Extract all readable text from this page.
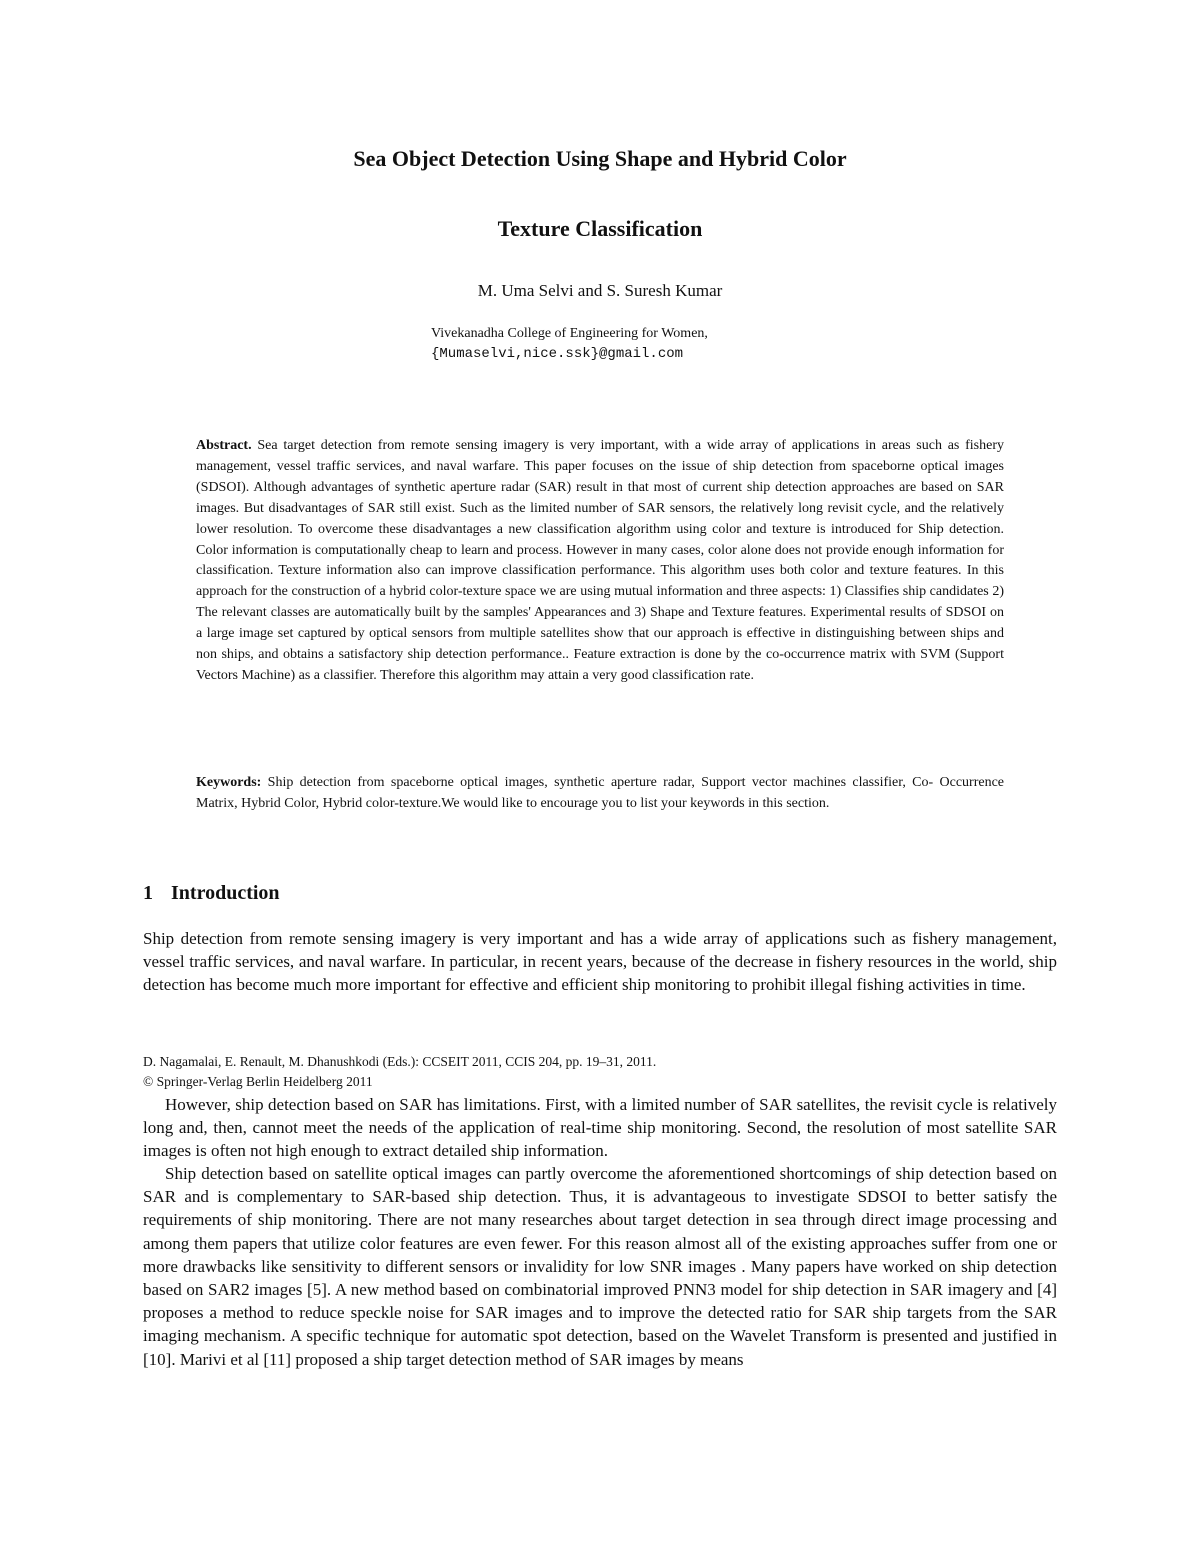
Sea Object Detection Using Shape and Hybrid Color
Texture Classification
M. Uma Selvi and S. Suresh Kumar
Vivekanadha College of Engineering for Women,
{Mumaselvi,nice.ssk}@gmail.com
Abstract. Sea target detection from remote sensing imagery is very important, with a wide array of applications in areas such as fishery management, vessel traffic services, and naval warfare. This paper focuses on the issue of ship detection from spaceborne optical images (SDSOI). Although advantages of synthetic aperture radar (SAR) result in that most of current ship detection approaches are based on SAR images. But disadvantages of SAR still exist. Such as the limited number of SAR sensors, the relatively long revisit cycle, and the relatively lower resolution. To overcome these disadvantages a new classification algorithm using color and texture is introduced for Ship detection. Color information is computationally cheap to learn and process. However in many cases, color alone does not provide enough information for classification. Texture information also can improve classification performance. This algorithm uses both color and texture features. In this approach for the construction of a hybrid color-texture space we are using mutual information and three aspects: 1) Classifies ship candidates 2) The relevant classes are automatically built by the samples' Appearances and 3) Shape and Texture features. Experimental results of SDSOI on a large image set captured by optical sensors from multiple satellites show that our approach is effective in distinguishing between ships and non ships, and obtains a satisfactory ship detection performance.. Feature extraction is done by the co-occurrence matrix with SVM (Support Vectors Machine) as a classifier. Therefore this algorithm may attain a very good classification rate.
Keywords: Ship detection from spaceborne optical images, synthetic aperture radar, Support vector machines classifier, Co- Occurrence Matrix, Hybrid Color, Hybrid color-texture.We would like to encourage you to list your keywords in this section.
1 Introduction
Ship detection from remote sensing imagery is very important and has a wide array of applications such as fishery management, vessel traffic services, and naval warfare. In particular, in recent years, because of the decrease in fishery resources in the world, ship detection has become much more important for effective and efficient ship monitoring to prohibit illegal fishing activities in time.
D. Nagamalai, E. Renault, M. Dhanushkodi (Eds.): CCSEIT 2011, CCIS 204, pp. 19–31, 2011.
© Springer-Verlag Berlin Heidelberg 2011
However, ship detection based on SAR has limitations. First, with a limited number of SAR satellites, the revisit cycle is relatively long and, then, cannot meet the needs of the application of real-time ship monitoring. Second, the resolution of most satellite SAR images is often not high enough to extract detailed ship information.
Ship detection based on satellite optical images can partly overcome the aforementioned shortcomings of ship detection based on SAR and is complementary to SAR-based ship detection. Thus, it is advantageous to investigate SDSOI to better satisfy the requirements of ship monitoring. There are not many researches about target detection in sea through direct image processing and among them papers that utilize color features are even fewer. For this reason almost all of the existing approaches suffer from one or more drawbacks like sensitivity to different sensors or invalidity for low SNR images . Many papers have worked on ship detection based on SAR2 images [5]. A new method based on combinatorial improved PNN3 model for ship detection in SAR imagery and [4] proposes a method to reduce speckle noise for SAR images and to improve the detected ratio for SAR ship targets from the SAR imaging mechanism. A specific technique for automatic spot detection, based on the Wavelet Transform is presented and justified in [10]. Marivi et al [11] proposed a ship target detection method of SAR images by means
